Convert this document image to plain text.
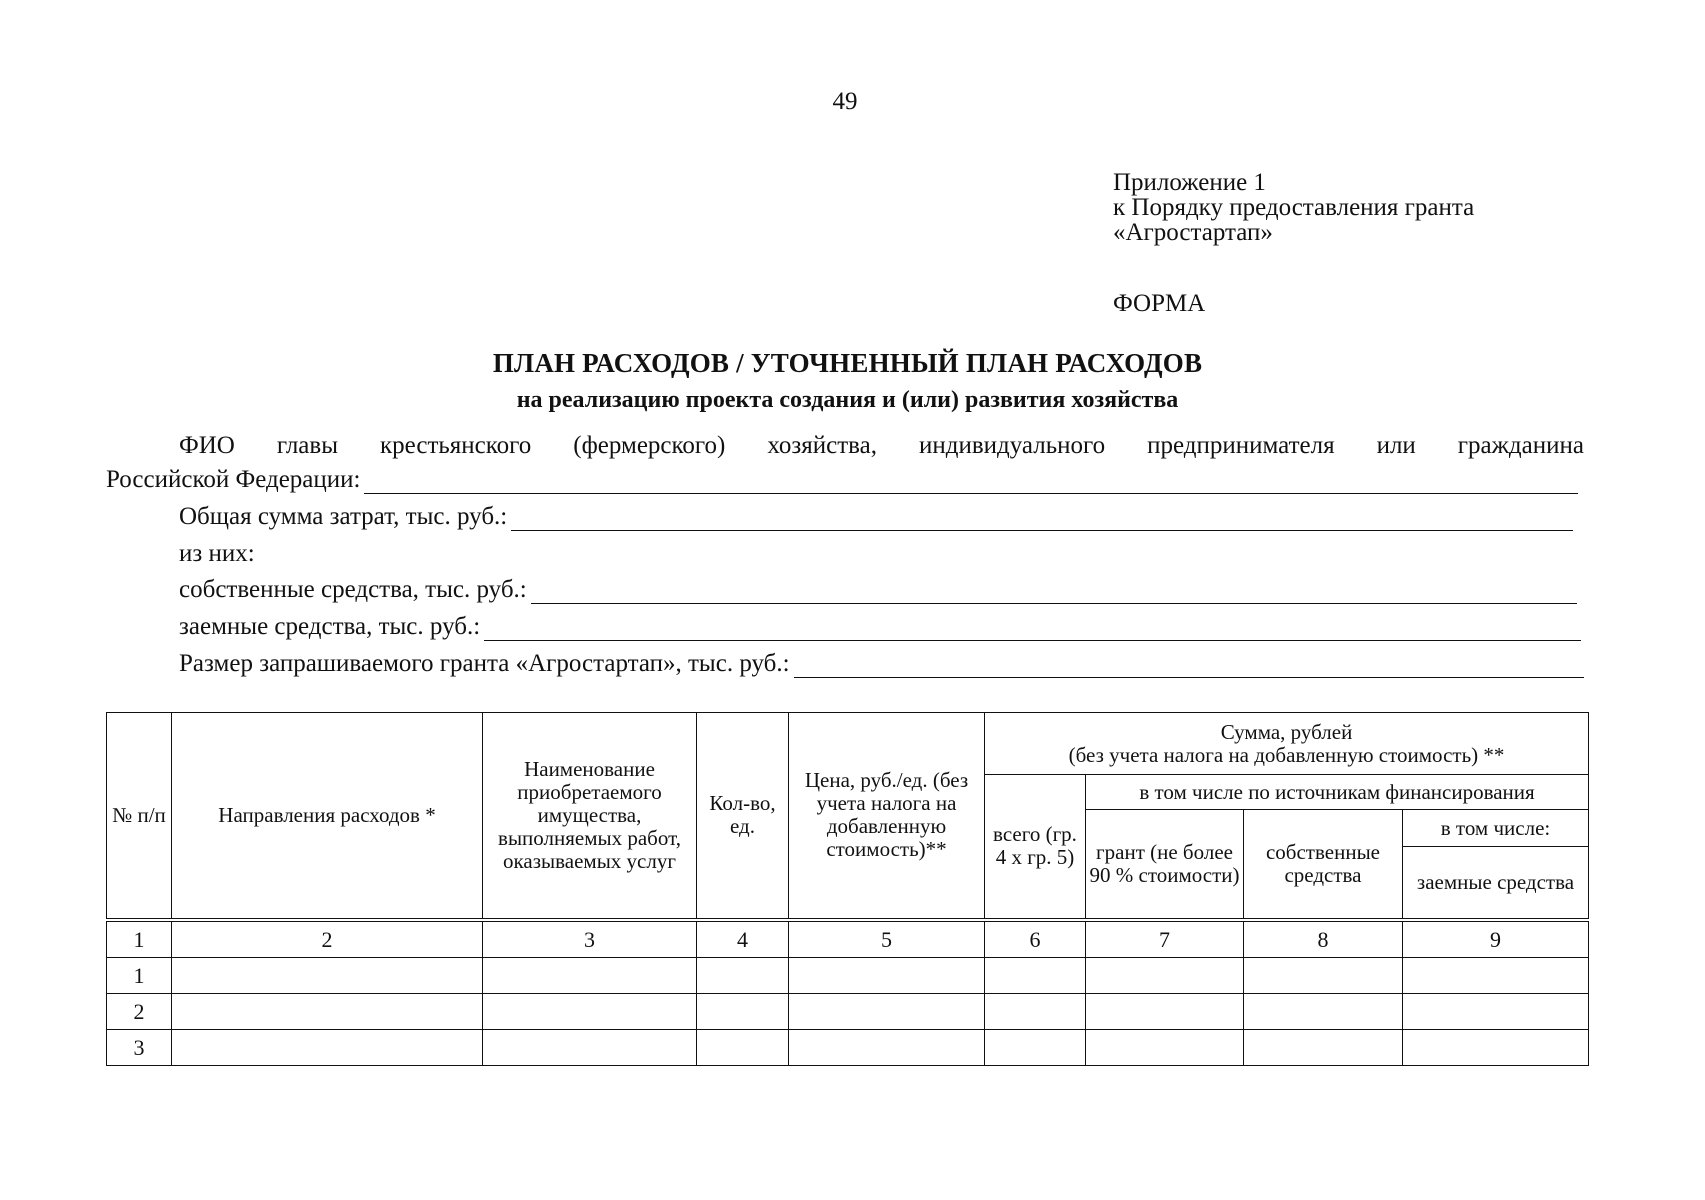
49
Приложение 1
к Порядку предоставления гранта
«Агростартап»
ФОРМА
ПЛАН РАСХОДОВ / УТОЧНЕННЫЙ ПЛАН РАСХОДОВ
на реализацию проекта создания и (или) развития хозяйства
ФИО главы крестьянского (фермерского) хозяйства, индивидуального предпринимателя или гражданина
Российской Федерации:
Общая сумма затрат, тыс. руб.:
из них:
собственные средства, тыс. руб.:
заемные средства, тыс. руб.:
Размер запрашиваемого гранта «Агростартап», тыс. руб.:
№ п/п	Направления расходов *	Наименование приобретаемого имущества, выполняемых работ, оказываемых услуг	Кол-во, ед.	Цена, руб./ед. (без учета налога на добавленную стоимость)**	Сумма, рублей
(без учета налога на добавленную стоимость) **			

					всего (гр. 4 х гр. 5)	в том числе по источникам финансирования		
						грант (не более 90 % стоимости)	собственные средства	в том числе:
								заемные средства
1	2	3	4	5	6	7	8	9
1								
2								
3								
